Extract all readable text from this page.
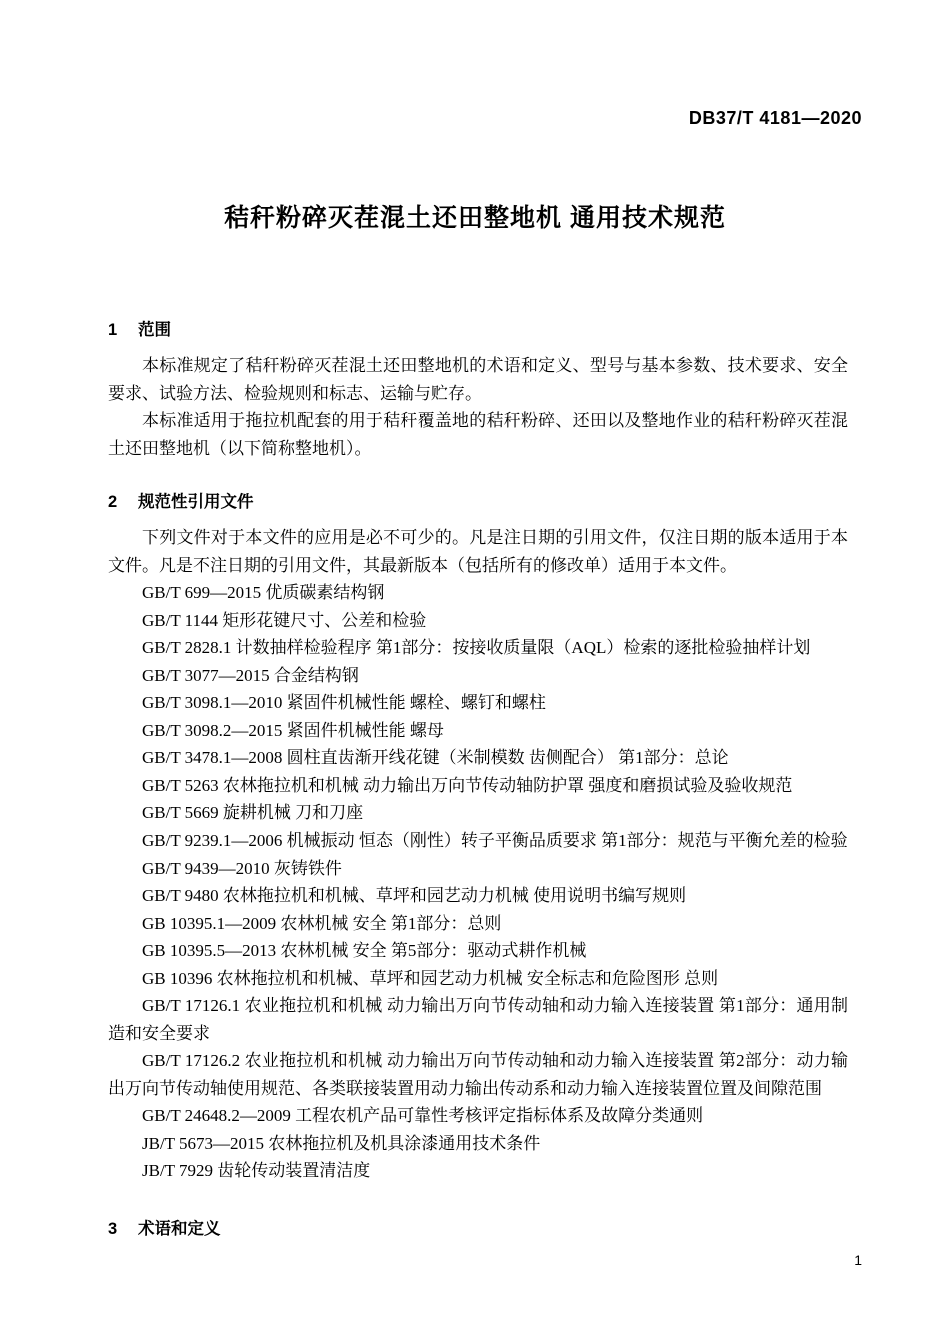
DB37/T 4181—2020
秸秆粉碎灭茬混土还田整地机 通用技术规范
1 范围

本标准规定了秸秆粉碎灭茬混土还田整地机的术语和定义、型号与基本参数、技术要求、安全要求、试验方法、检验规则和标志、运输与贮存。

本标准适用于拖拉机配套的用于秸秆覆盖地的秸秆粉碎、还田以及整地作业的秸秆粉碎灭茬混土还田整地机（以下简称整地机）。

2 规范性引用文件

下列文件对于本文件的应用是必不可少的。凡是注日期的引用文件，仅注日期的版本适用于本文件。凡是不注日期的引用文件，其最新版本（包括所有的修改单）适用于本文件。

GB/T 699—2015 优质碳素结构钢
GB/T 1144 矩形花键尺寸、公差和检验
GB/T 2828.1 计数抽样检验程序 第1部分：按接收质量限（AQL）检索的逐批检验抽样计划
GB/T 3077—2015 合金结构钢
GB/T 3098.1—2010 紧固件机械性能 螺栓、螺钉和螺柱
GB/T 3098.2—2015 紧固件机械性能 螺母
GB/T 3478.1—2008 圆柱直齿渐开线花键（米制模数 齿侧配合） 第1部分：总论
GB/T 5263 农林拖拉机和机械 动力输出万向节传动轴防护罩 强度和磨损试验及验收规范
GB/T 5669 旋耕机械 刀和刀座
GB/T 9239.1—2006 机械振动 恒态（刚性）转子平衡品质要求 第1部分：规范与平衡允差的检验
GB/T 9439—2010 灰铸铁件
GB/T 9480 农林拖拉机和机械、草坪和园艺动力机械 使用说明书编写规则
GB 10395.1—2009 农林机械 安全 第1部分：总则
GB 10395.5—2013 农林机械 安全 第5部分：驱动式耕作机械
GB 10396 农林拖拉机和机械、草坪和园艺动力机械 安全标志和危险图形 总则
GB/T 17126.1 农业拖拉机和机械 动力输出万向节传动轴和动力输入连接装置 第1部分：通用制造和安全要求
GB/T 17126.2 农业拖拉机和机械 动力输出万向节传动轴和动力输入连接装置 第2部分：动力输出万向节传动轴使用规范、各类联接装置用动力输出传动系和动力输入连接装置位置及间隙范围
GB/T 24648.2—2009 工程农机产品可靠性考核评定指标体系及故障分类通则
JB/T 5673—2015 农林拖拉机及机具涂漆通用技术条件
JB/T 7929 齿轮传动装置清洁度
3 术语和定义
1
